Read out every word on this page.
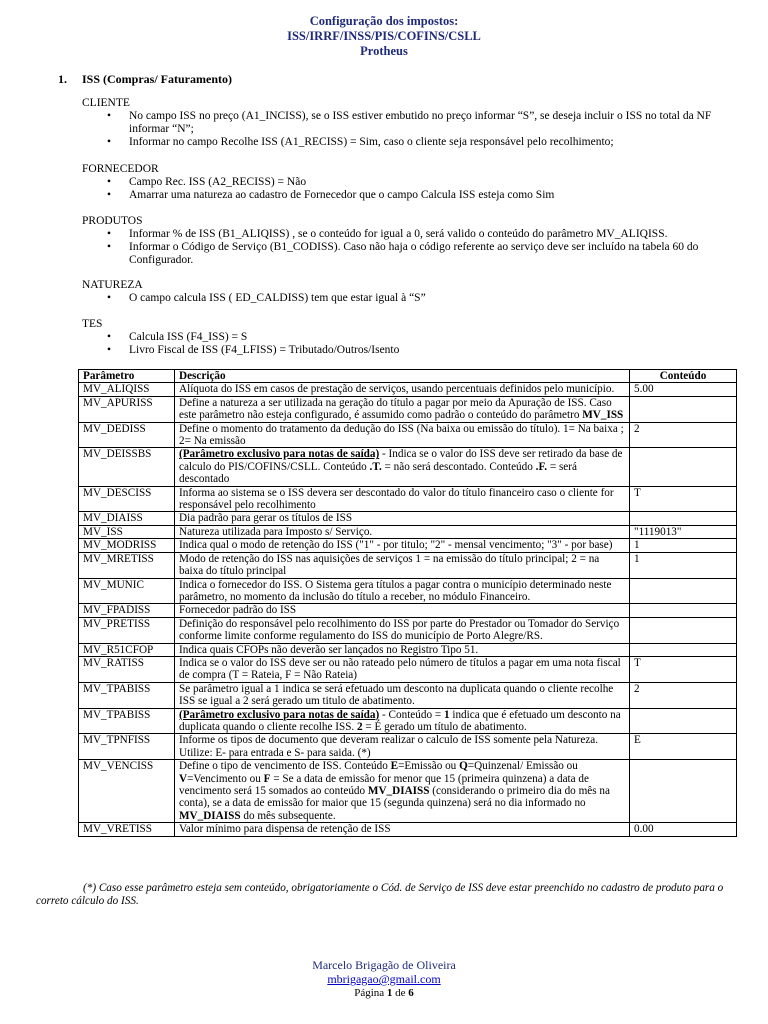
Configuração dos impostos:
ISS/IRRF/INSS/PIS/COFINS/CSLL
Protheus
1. ISS (Compras/ Faturamento)
CLIENTE
• No campo ISS no preço (A1_INCISS), se o ISS estiver embutido no preço informar “S”, se deseja incluir o ISS no total da NF informar “N”;
• Informar no campo Recolhe ISS (A1_RECISS) = Sim, caso o cliente seja responsável pelo recolhimento;
FORNECEDOR
• Campo Rec. ISS (A2_RECISS) = Não
• Amarrar uma natureza ao cadastro de Fornecedor que o campo Calcula ISS esteja como Sim
PRODUTOS
• Informar % de ISS (B1_ALIQISS) , se o conteúdo for igual a 0, será valido o conteúdo do parâmetro MV_ALIQISS.
• Informar o Código de Serviço (B1_CODISS). Caso não haja o código referente ao serviço deve ser incluído na tabela 60 do Configurador.
NATUREZA
• O campo calcula ISS ( ED_CALDISS) tem que estar igual à “S”
TES
• Calcula ISS (F4_ISS) = S
• Livro Fiscal de ISS (F4_LFISS) = Tributado/Outros/Isento
Parâmetro	Descrição	Conteúdo
MV_ALIQISS	Alíquota do ISS em casos de prestação de serviços, usando percentuais definidos pelo município.	5.00
MV_APURISS	Define a natureza a ser utilizada na geração do título a pagar por meio da Apuração de ISS. Caso este parâmetro não esteja configurado, é assumido como padrão o conteúdo do parâmetro MV_ISS	
MV_DEDISS	Define o momento do tratamento da dedução do ISS (Na baixa ou emissão do título). 1= Na baixa ; 2= Na emissão	2
MV_DEISSBS	(Parâmetro exclusivo para notas de saída) - Indica se o valor do ISS deve ser retirado da base de calculo do PIS/COFINS/CSLL. Conteúdo .T. = não será descontado. Conteúdo .F. = será descontado	
MV_DESCISS	Informa ao sistema se o ISS devera ser descontado do valor do título financeiro caso o cliente for responsável pelo recolhimento	T
MV_DIAISS	Dia padrão para gerar os títulos de ISS	
MV_ISS	Natureza utilizada para Imposto s/ Serviço.	"1119013"
MV_MODRISS	Indica qual o modo de retenção do ISS ("1" - por titulo; "2" - mensal vencimento; "3" - por base)	1
MV_MRETISS	Modo de retenção do ISS nas aquisições de serviços 1 = na emissão do título principal; 2 = na baixa do título principal	1
MV_MUNIC	Indica o fornecedor do ISS. O Sistema gera títulos a pagar contra o município determinado neste parâmetro, no momento da inclusão do título a receber, no módulo Financeiro.	
MV_FPADISS	Fornecedor padrão do ISS	
MV_PRETISS	Definição do responsável pelo recolhimento do ISS por parte do Prestador ou Tomador do Serviço conforme limite conforme regulamento do ISS do município de Porto Alegre/RS.	
MV_R51CFOP	Indica quais CFOPs não deverão ser lançados no Registro Tipo 51.	
MV_RATISS	Indica se o valor do ISS deve ser ou não rateado pelo número de títulos a pagar em uma nota fiscal de compra (T = Rateia, F = Não Rateia)	T
MV_TPABISS	Se parâmetro igual a 1 indica se será efetuado um desconto na duplicata quando o cliente recolhe ISS se igual a 2 será gerado um titulo de abatimento.	2
MV_TPABISS	(Parâmetro exclusivo para notas de saída) - Conteúdo = 1 indica que é efetuado um desconto na duplicata quando o cliente recolhe ISS. 2 = É gerado um título de abatimento.	
MV_TPNFISS	Informe os tipos de documento que deveram realizar o calculo de ISS somente pela Natureza. Utilize: E- para entrada e S- para saida. (*)	E
MV_VENCISS	Define o tipo de vencimento de ISS. Conteúdo E=Emissão ou Q=Quinzenal/ Emissão ou V=Vencimento ou F = Se a data de emissão for menor que 15 (primeira quinzena) a data de vencimento será 15 somados ao conteúdo MV_DIAISS (considerando o primeiro dia do mês na conta), se a data de emissão for maior que 15 (segunda quinzena) será no dia informado no MV_DIAISS do mês subsequente.	
MV_VRETISS	Valor mínimo para dispensa de retenção de ISS	0.00
(*) Caso esse parâmetro esteja sem conteúdo, obrigatoriamente o Cód. de Serviço de ISS deve estar preenchido no cadastro de produto para o correto cálculo do ISS.
Marcelo Brigagão de Oliveira
mbrigagao@gmail.com
Página 1 de 6
